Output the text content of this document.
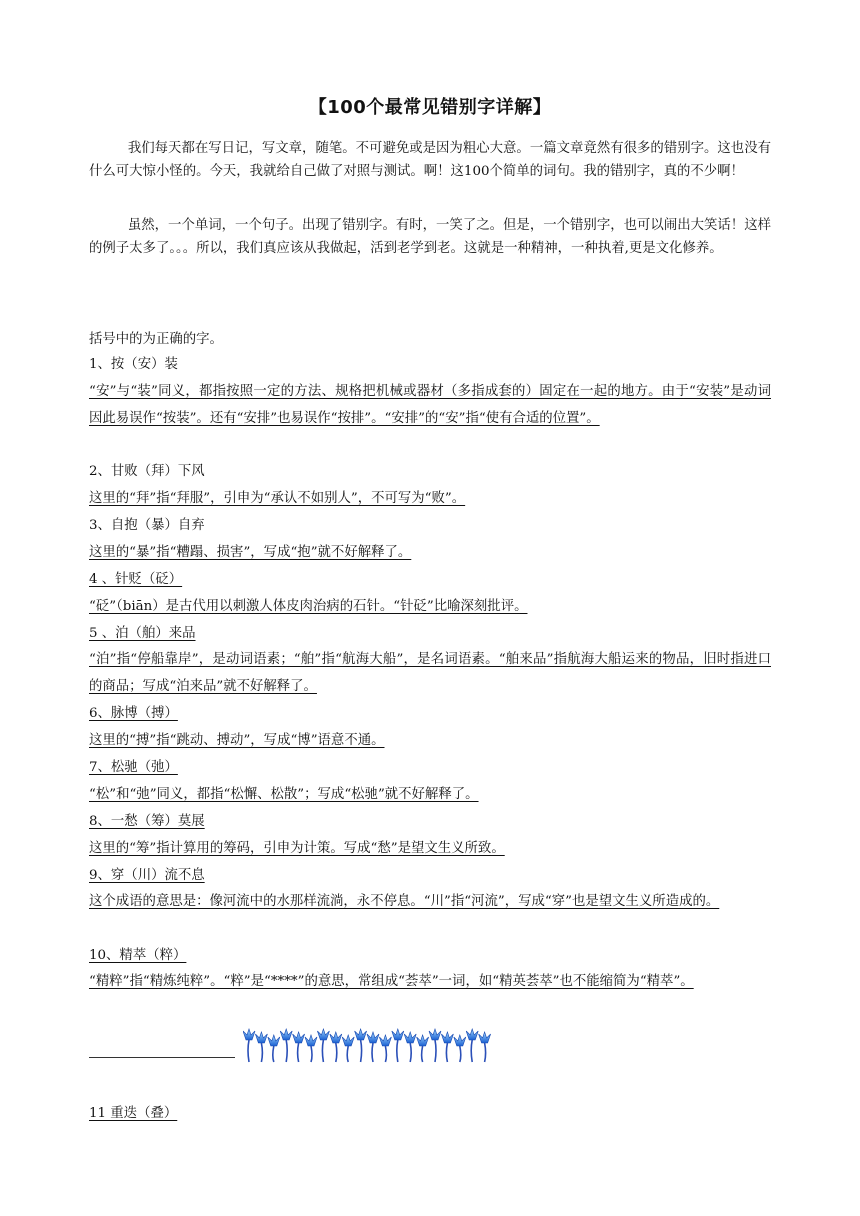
【100个最常见错别字详解】

我们每天都在写日记，写文章，随笔。不可避免或是因为粗心大意。一篇文章竟然有很多的错别字。这也没有什么可大惊小怪的。今天，我就给自己做了对照与测试。啊！这100个简单的词句。我的错别字，真的不少啊！

虽然，一个单词，一个句子。出现了错别字。有时，一笑了之。但是，一个错别字，也可以闹出大笑话！这样的例子太多了。。。所以，我们真应该从我做起，活到老学到老。这就是一种精神，一种执着,更是文化修养。

括号中的为正确的字。

1、按（安）装

“安”与“装”同义，都指按照一定的方法、规格把机械或器材（多指成套的）固定在一起的地方。由于“安装”是动词因此易误作“按装”。还有“安排”也易误作“按排”。“安排”的“安”指“使有合适的位置”。

2、甘败（拜）下风

这里的“拜”指“拜服”，引申为“承认不如别人”，不可写为“败”。

3、自抱（暴）自弃

这里的“暴”指“糟蹋、损害”，写成“抱”就不好解释了。

4 、针贬（砭）

“砭”（biān）是古代用以刺激人体皮肉治病的石针。“针砭”比喻深刻批评。

5 、泊（舶）来品

“泊”指“停船靠岸”，是动词语素；“舶”指“航海大船”，是名词语素。“舶来品”指航海大船运来的物品，旧时指进口的商品；写成“泊来品”就不好解释了。

6、脉博（搏）

这里的“搏”指“跳动、搏动”，写成“博”语意不通。

7、松驰（弛）

“松”和“弛”同义，都指“松懈、松散”；写成“松驰”就不好解释了。

8、一愁（筹）莫展

这里的“筹”指计算用的筹码，引申为计策。写成“愁”是望文生义所致。

9、穿（川）流不息

这个成语的意思是：像河流中的水那样流淌，永不停息。“川”指“河流”，写成“穿”也是望文生义所造成的。

10、精萃（粹）

“精粹”指“精炼纯粹”。“粹”是“****”的意思，常组成“荟萃”一词，如“精英荟萃”也不能缩简为“精萃”。

11 重迭（叠）
